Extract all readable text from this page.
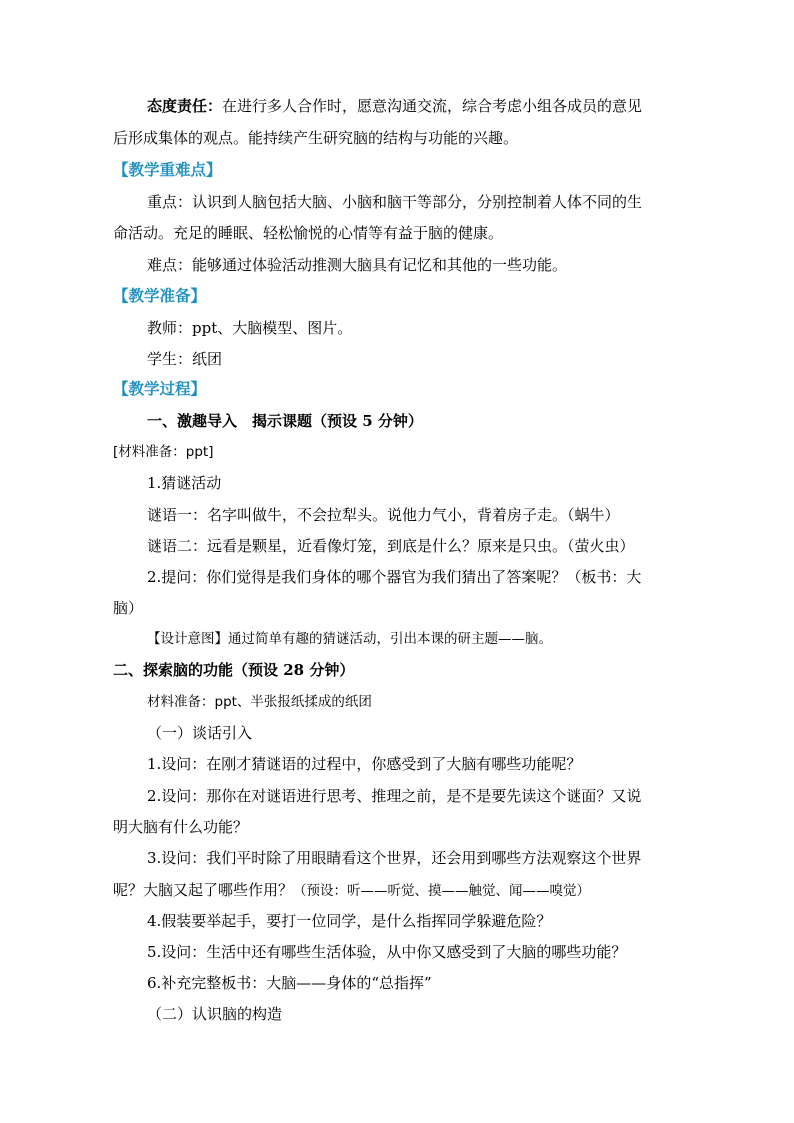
态度责任：在进行多人合作时，愿意沟通交流，综合考虑小组各成员的意见
后形成集体的观点。能持续产生研究脑的结构与功能的兴趣。
【教学重难点】
重点：认识到人脑包括大脑、小脑和脑干等部分，分别控制着人体不同的生
命活动。充足的睡眠、轻松愉悦的心情等有益于脑的健康。
难点：能够通过体验活动推测大脑具有记忆和其他的一些功能。
【教学准备】
教师：ppt、大脑模型、图片。
学生：纸团
【教学过程】
一、激趣导入　揭示课题（预设 5 分钟）
[材料准备：ppt]
1.猜谜活动
谜语一：名字叫做牛，不会拉犁头。说他力气小，背着房子走。（蜗牛）
谜语二：远看是颗星，近看像灯笼，到底是什么？原来是只虫。（萤火虫）
2.提问：你们觉得是我们身体的哪个器官为我们猜出了答案呢？（板书：大
脑）
【设计意图】通过简单有趣的猜谜活动，引出本课的研主题——脑。
二、探索脑的功能（预设 28 分钟）
材料准备：ppt、半张报纸揉成的纸团
（一）谈话引入
1.设问：在刚才猜谜语的过程中，你感受到了大脑有哪些功能呢？
2.设问：那你在对谜语进行思考、推理之前，是不是要先读这个谜面？又说
明大脑有什么功能？
3.设问：我们平时除了用眼睛看这个世界，还会用到哪些方法观察这个世界
呢？大脑又起了哪些作用？（预设：听——听觉、摸——触觉、闻——嗅觉）
4.假装要举起手，要打一位同学，是什么指挥同学躲避危险？
5.设问：生活中还有哪些生活体验，从中你又感受到了大脑的哪些功能？
6.补充完整板书：大脑——身体的“总指挥”
（二）认识脑的构造
